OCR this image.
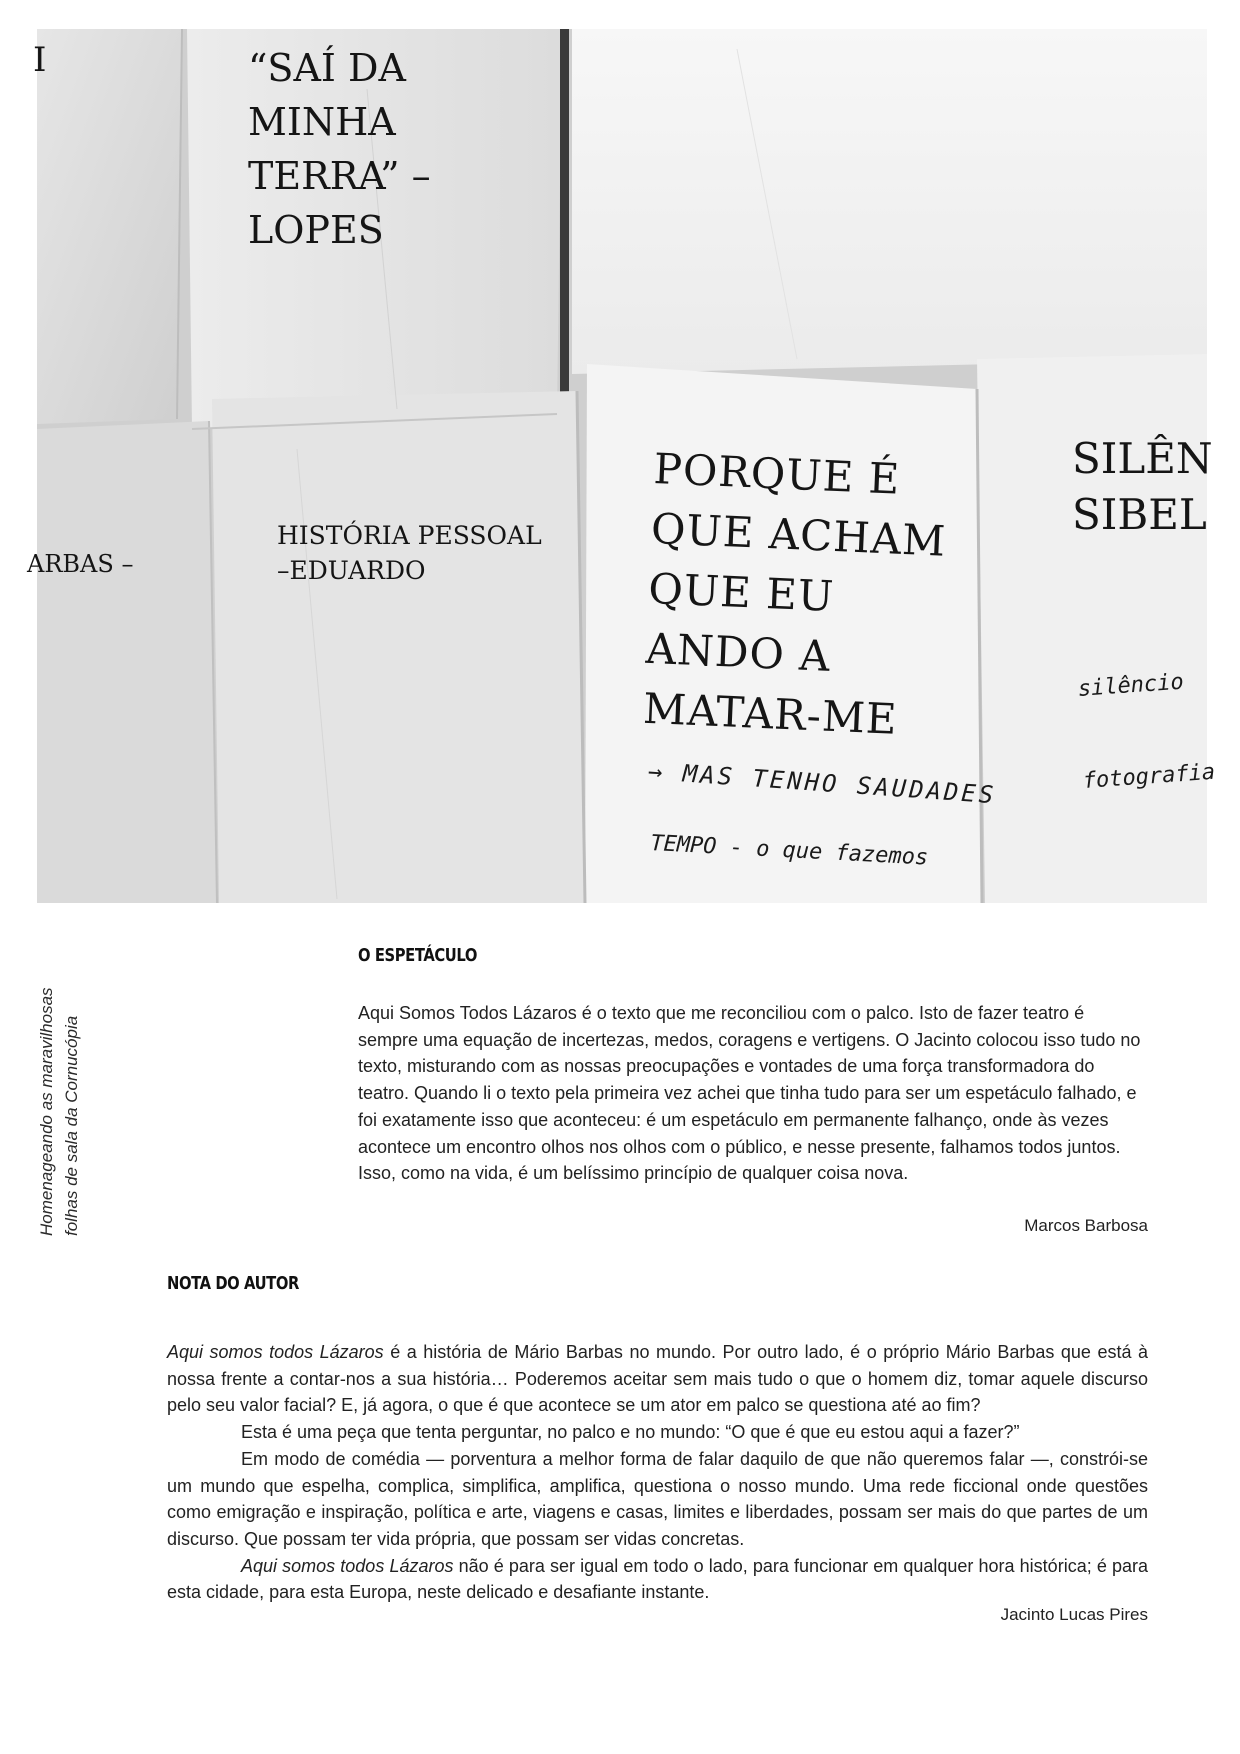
I	“SAÍ DA
MINHA
TERRA” –
LOPES
ARBAS –
HISTÓRIA PESSOAL
–EDUARDO
PORQUE É
QUE ACHAM
QUE EU
ANDO A
MATAR-ME
SILÊN
SIBEL
→ MAS TENHO SAUDADES
TEMPO - o que fazemos
silêncio
fotografia
Homenageando as maravilhosas folhas de sala da Cornucópia
O ESPETÁCULO

Aqui Somos Todos Lázaros é o texto que me reconciliou com o palco. Isto de fazer teatro é sempre uma equação de incertezas, medos, coragens e vertigens. O Jacinto colocou isso tudo no texto, misturando com as nossas preocupações e vontades de uma força transformadora do teatro. Quando li o texto pela primeira vez achei que tinha tudo para ser um espetáculo falhado, e foi exatamente isso que aconteceu: é um espetáculo em permanente falhanço, onde às vezes acontece um encontro olhos nos olhos com o público, e nesse presente, falhamos todos juntos. Isso, como na vida, é um belíssimo princípio de qualquer coisa nova.

Marcos Barbosa
NOTA DO AUTOR

Aqui somos todos Lázaros é a história de Mário Barbas no mundo. Por outro lado, é o próprio Mário Barbas que está à nossa frente a contar-nos a sua história… Poderemos aceitar sem mais tudo o que o homem diz, tomar aquele discurso pelo seu valor facial? E, já agora, o que é que acontece se um ator em palco se questiona até ao fim?

Esta é uma peça que tenta perguntar, no palco e no mundo: “O que é que eu estou aqui a fazer?”

Em modo de comédia — porventura a melhor forma de falar daquilo de que não queremos falar —, constrói-se um mundo que espelha, complica, simplifica, amplifica, questiona o nosso mundo. Uma rede ficcional onde questões como emigração e inspiração, política e arte, viagens e casas, limites e liberdades, possam ser mais do que partes de um discurso. Que possam ter vida própria, que possam ser vidas concretas.

Aqui somos todos Lázaros não é para ser igual em todo o lado, para funcionar em qualquer hora histórica; é para esta cidade, para esta Europa, neste delicado e desafiante instante.

Jacinto Lucas Pires
